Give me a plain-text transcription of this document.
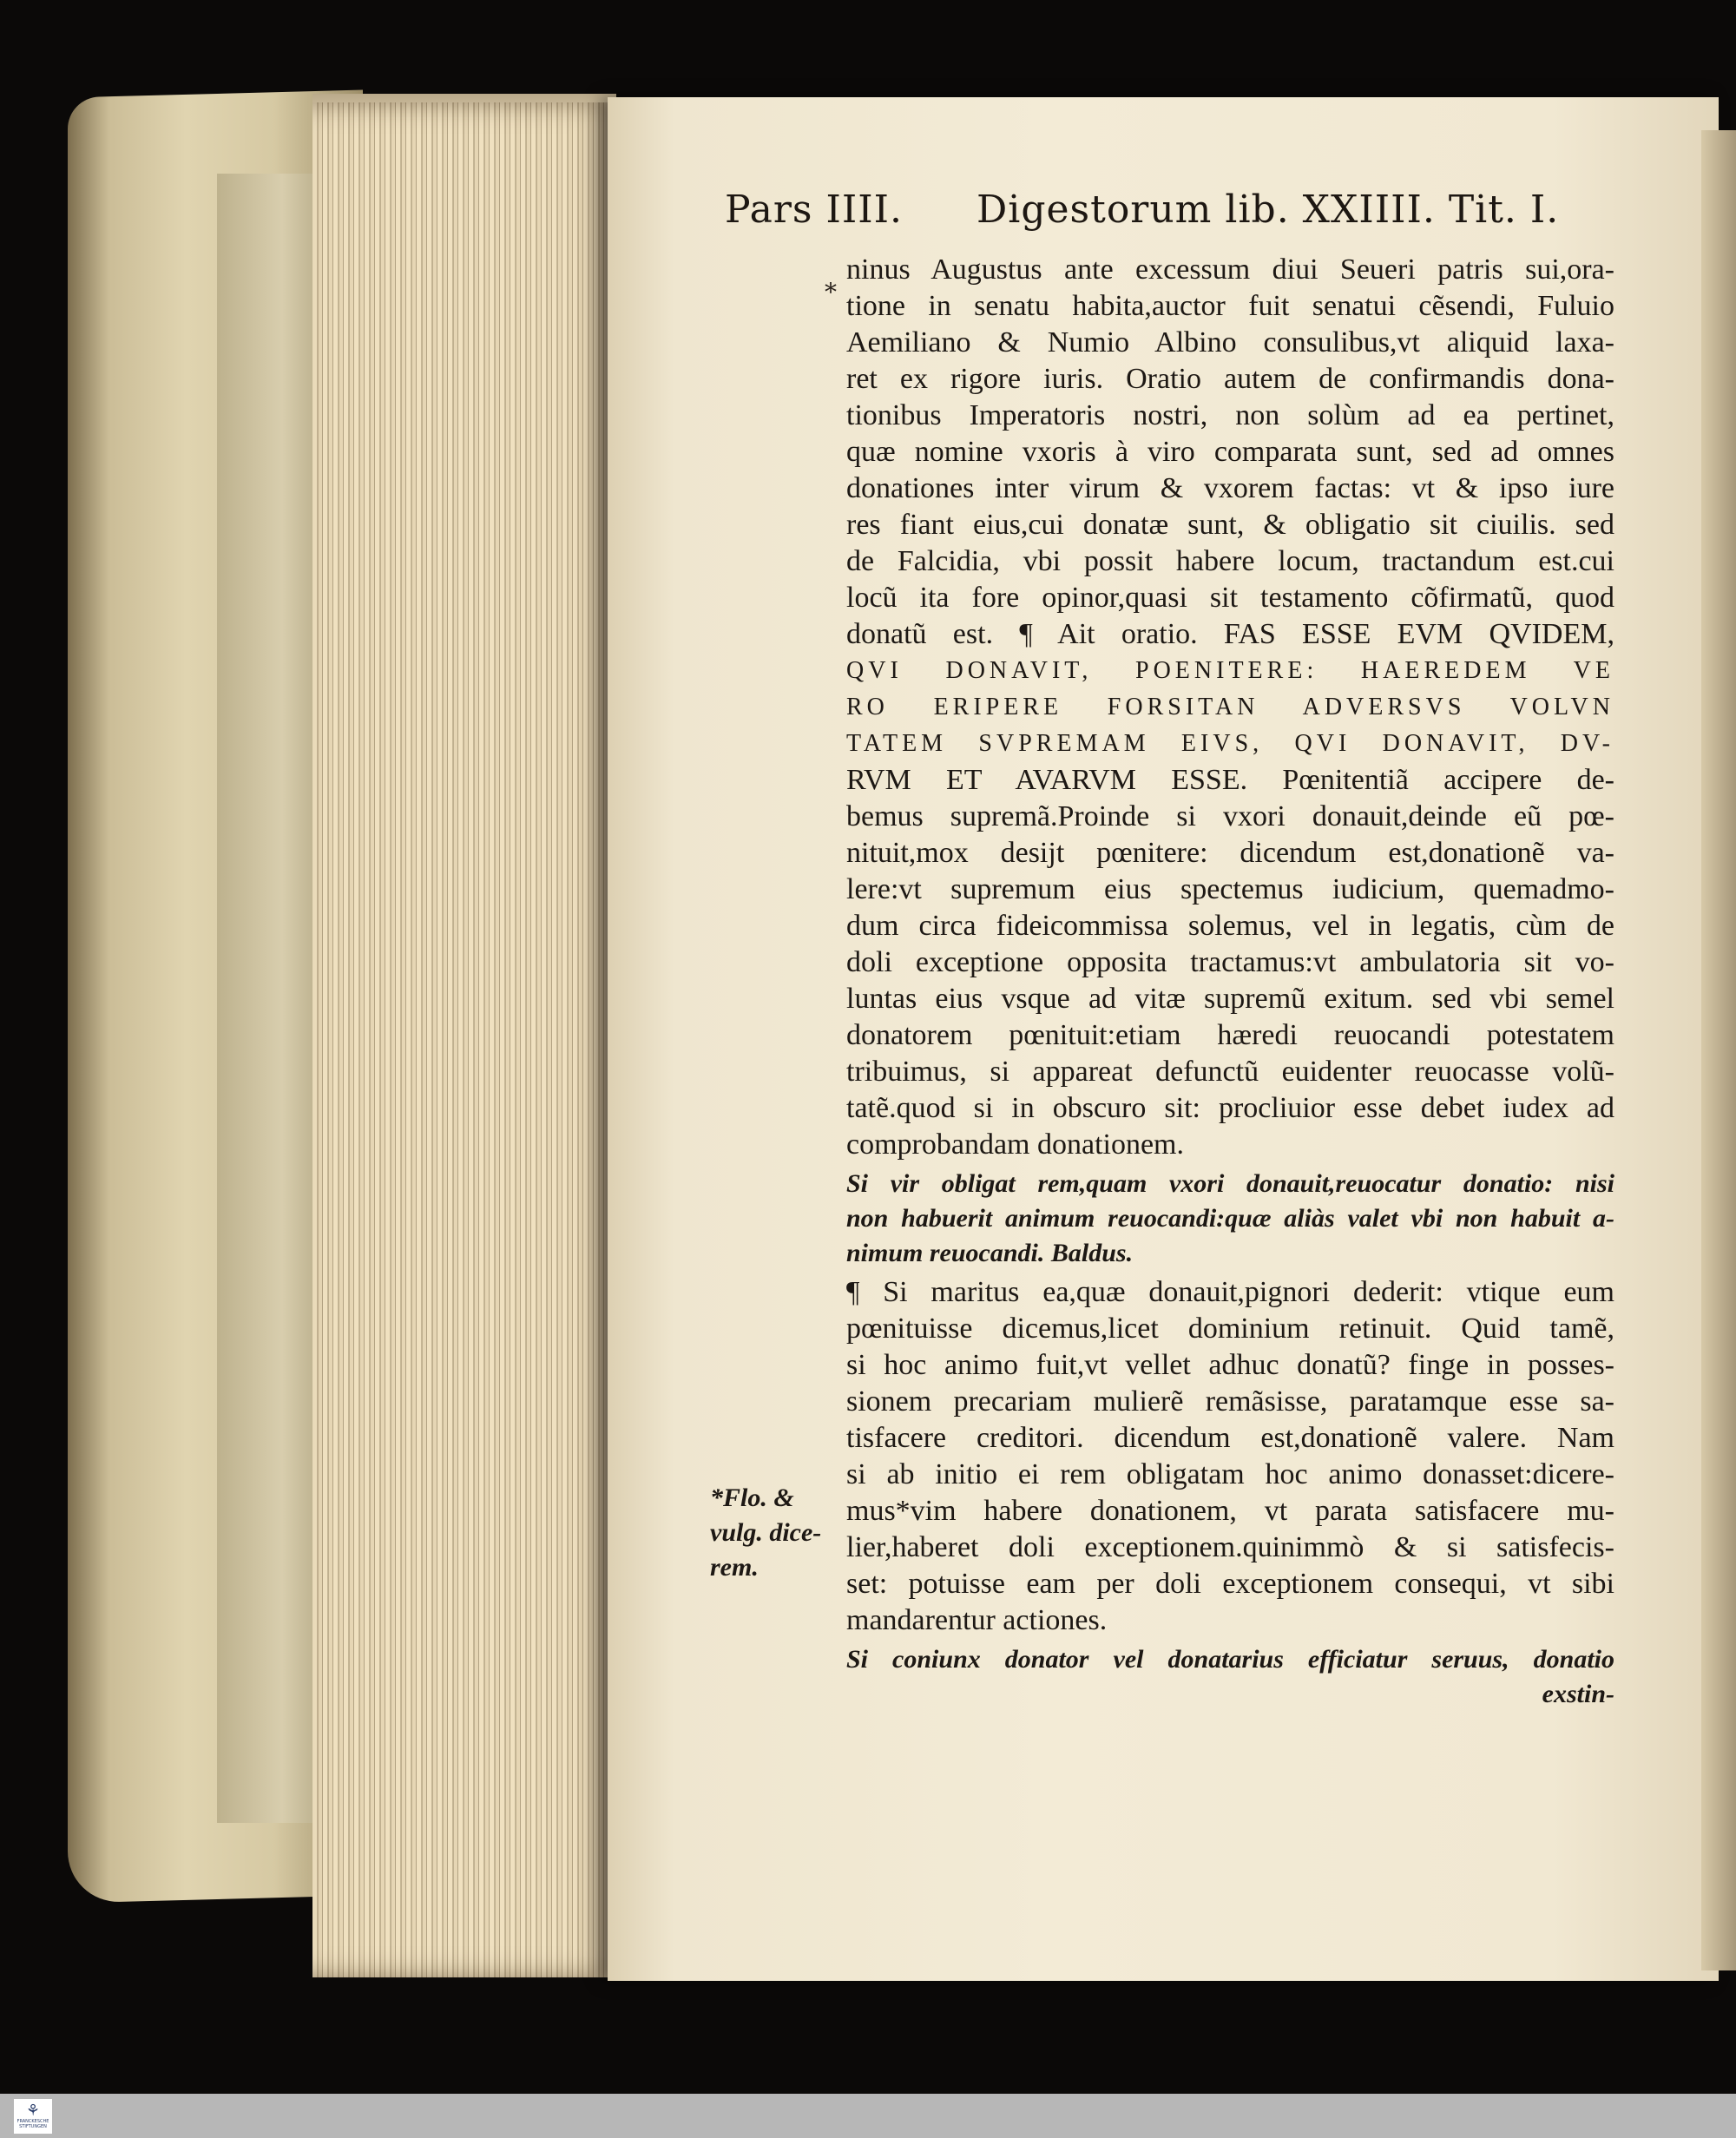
Pars IIII.	Digestorum lib. XXIIII. Tit. I.
*
ninus Augustus ante excessum diui Seueri patris sui,ora-
tione in senatu habita,auctor fuit senatui cẽsendi, Fuluio
Aemiliano & Numio Albino consulibus,vt aliquid laxa-
ret ex rigore iuris. Oratio autem de confirmandis dona-
tionibus Imperatoris nostri, non solùm ad ea pertinet,
quæ nomine vxoris à viro comparata sunt, sed ad omnes
donationes inter virum & vxorem factas: vt & ipso iure
res fiant eius,cui donatæ sunt, & obligatio sit ciuilis. sed
de Falcidia, vbi possit habere locum, tractandum est.cui
locũ ita fore opinor,quasi sit testamento cõfirmatũ, quod
donatũ est. ¶ Ait oratio. FAS ESSE EVM QVIDEM,
QVI DONAVIT, POENITERE: HAEREDEM VE
RO ERIPERE FORSITAN ADVERSVS VOLVN
TATEM SVPREMAM EIVS, QVI DONAVIT, DV-
RVM ET AVARVM ESSE. Pœnitentiã accipere de-
bemus supremã.Proinde si vxori donauit,deinde eũ pœ-
nituit,mox desijt pœnitere: dicendum est,donationẽ va-
lere:vt supremum eius spectemus iudicium, quemadmo-
dum circa fideicommissa solemus, vel in legatis, cùm de
doli exceptione opposita tractamus:vt ambulatoria sit vo-
luntas eius vsque ad vitæ supremũ exitum. sed vbi semel
donatorem pœnituit:etiam hæredi reuocandi potestatem
tribuimus, si appareat defunctũ euidenter reuocasse volũ-
tatẽ.quod si in obscuro sit: procliuior esse debet iudex ad
comprobandam donationem.
Si vir obligat rem,quam vxori donauit,reuocatur donatio: nisi
non habuerit animum reuocandi:quæ aliàs valet vbi non habuit a-
nimum reuocandi. Baldus.
¶ Si maritus ea,quæ donauit,pignori dederit: vtique eum
pœnituisse dicemus,licet dominium retinuit. Quid tamẽ,
si hoc animo fuit,vt vellet adhuc donatũ? finge in posses-
sionem precariam mulierẽ remãsisse, paratamque esse sa-
tisfacere creditori. dicendum est,donationẽ valere. Nam
si ab initio ei rem obligatam hoc animo donasset:dicere-
mus*vim habere donationem, vt parata satisfacere mu-
lier,haberet doli exceptionem.quinimmò & si satisfecis-
set: potuisse eam per doli exceptionem consequi, vt sibi
mandarentur actiones.
Si coniunx donator vel donatarius efficiatur seruus, donatio
exstin-
*Flo. &
vulg. dice-
rem.
⚘
FRANCKESCHE STIFTUNGEN
